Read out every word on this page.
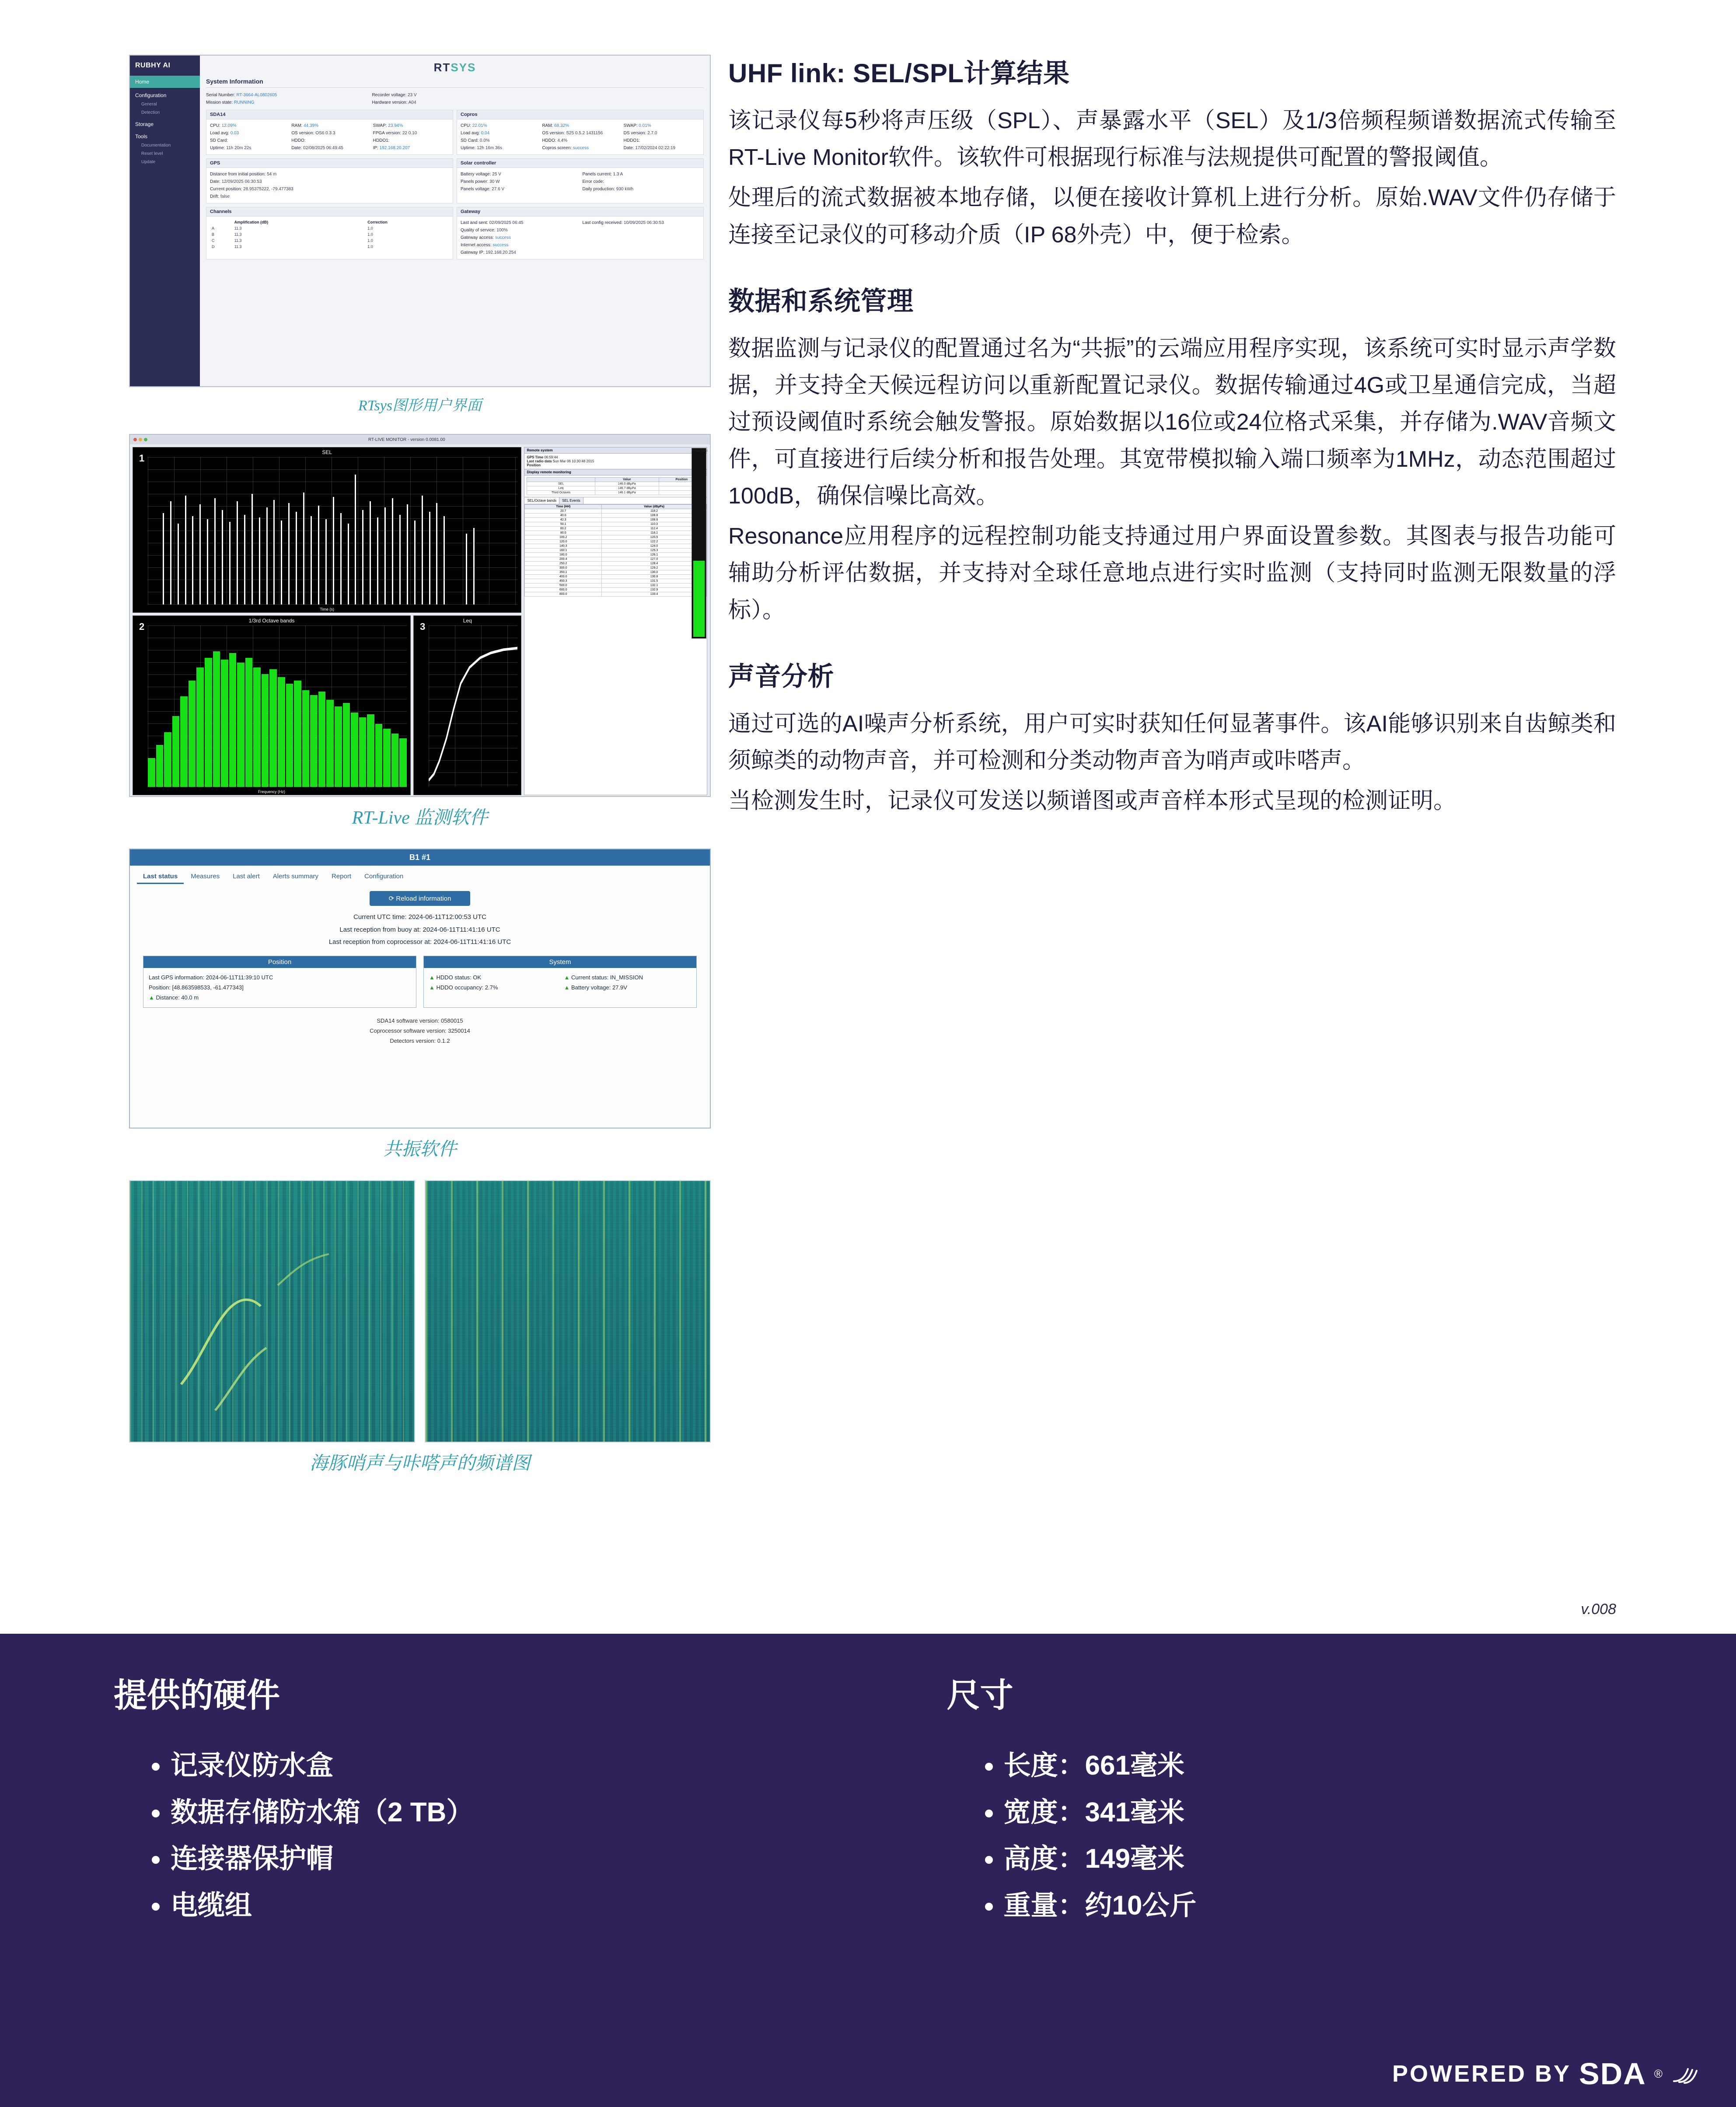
RUBHY AI
Home
Configuration
General
Detection
Storage
Tools
Documentation
Reset level
Update
RTSYS
System Information
Serial Number: RT-3664-AL0802605
Mission state: RUNNING
Recorder voltage: 23 V
Hardware version: A04
SDA14
CPU: 12.09%
Load avg: 0.03
SD Card:
Uptime: 11h 20m 22s
RAM: 44.39%
OS version: OS6 0.3.3
HDDO:
Date: 02/08/2025 06:49:45
SWAP: 23.94%
FPGA version: 22 0.10
HDDO1:
IP: 192.168.20.207
Copros
CPU: 22.01%
Load avg: 0.04
SD Card: 0.0%
Uptime: 12h 16m 36s
RAM: 68.32%
OS version: S25 0.5.2 1431156
HDDO: 4.4%
Copros screen: success
SWAP: 0.01%
DS version: 2.7.0
HDDO1:
Date: 17/02/2024 02:22:19
GPS
Distance from initial position: 54 m
Date: 12/09/2025 06:30:53
Current position: 28.95375222, -79.477383
Drift: false
Solar controller
Battery voltage: 25 V
Panels power: 30 W
Panels voltage: 27.6 V
Panels current: 1.3 A
Error code:
Daily production: 930 kWh
Channels
	Amplification (dB)	Correction
A	11.3	1.0
B	11.3	1.0
C	11.3	1.0
D	11.3	1.0
Gateway
Last and sent: 02/09/2025 06:45
Quality of service: 100%
Gateway access: success
Internet access: success
Gateway IP: 192.168.20.254
Last config received: 10/09/2025 06:30:53
RTsys图形用户界面
RT-LIVE MONITOR - version 0.0081.00
SEL
1
Time (s)
1/3rd Octave bands
2
Frequency (Hz)
Leq
3
Remote system
GPS Time 06:59:44
Last radio data Sun Mar 06 10:30:48 2015
Position
Display remote monitoring
	Value	Position
SEL	146.0 dBµPa	
Leq	146.7 dBµPa	
Third Octaves	146.1 dBµPa	
SEL/Octave bands	SEL Events
Time (HH)	Value (dBµPa)
20.7	118.2
40.0	108.8
42.3	108.6
50.1	110.3
60.2	112.4
80.0	118.1
100.2	120.5
120.0	122.2
140.3	124.0
160.1	125.3
180.0	126.1
200.4	127.0
250.2	128.4
300.0	129.2
350.1	130.0
400.0	130.8
450.3	131.5
500.0	132.1
600.0	132.9
800.0	133.4
Peak level
RT-Live 监测软件
B1 #1
Last status	Measures	Last alert	Alerts summary	Report	Configuration
⟳ Reload information
Current UTC time: 2024-06-11T12:00:53 UTC
Last reception from buoy at: 2024-06-11T11:41:16 UTC
Last reception from coprocessor at: 2024-06-11T11:41:16 UTC
Position
Last GPS information: 2024-06-11T11:39:10 UTC
Position: [48.863598533, -61.477343]
▲ Distance: 40.0 m
System
▲ HDDO status: OK
▲ HDDO occupancy: 2.7%
▲ Current status: IN_MISSION
▲ Battery voltage: 27.9V
SDA14 software version: 0580015
Coprocessor software version: 3250014
Detectors version: 0.1.2
共振软件
海豚哨声与咔嗒声的频谱图
UHF link: SEL/SPL计算结果

该记录仪每5秒将声压级（SPL）、声暴露水平（SEL）及1/3倍频程频谱数据流式传输至RT-Live Monitor软件。该软件可根据现行标准与法规提供可配置的警报阈值。

处理后的流式数据被本地存储，以便在接收计算机上进行分析。原始.WAV文件仍存储于连接至记录仪的可移动介质（IP 68外壳）中，便于检索。

数据和系统管理

数据监测与记录仪的配置通过名为“共振”的云端应用程序实现，该系统可实时显示声学数据，并支持全天候远程访问以重新配置记录仪。数据传输通过4G或卫星通信完成，当超过预设阈值时系统会触发警报。原始数据以16位或24位格式采集，并存储为.WAV音频文件，可直接进行后续分析和报告处理。其宽带模拟输入端口频率为1MHz，动态范围超过100dB，确保信噪比高效。

Resonance应用程序的远程控制功能支持通过用户界面设置参数。其图表与报告功能可辅助分析评估数据，并支持对全球任意地点进行实时监测（支持同时监测无限数量的浮标）。

声音分析

通过可选的AI噪声分析系统，用户可实时获知任何显著事件。该AI能够识别来自齿鲸类和须鲸类的动物声音，并可检测和分类动物声音为哨声或咔嗒声。

当检测发生时，记录仪可发送以频谱图或声音样本形式呈现的检测证明。

v.008
提供的硬件
• 记录仪防水盒
• 数据存储防水箱（2 TB）
• 连接器保护帽
• 电缆组
尺寸
• 长度：661毫米
• 宽度：341毫米
• 高度：149毫米
• 重量：约10公斤
POWERED BY SDA ®
